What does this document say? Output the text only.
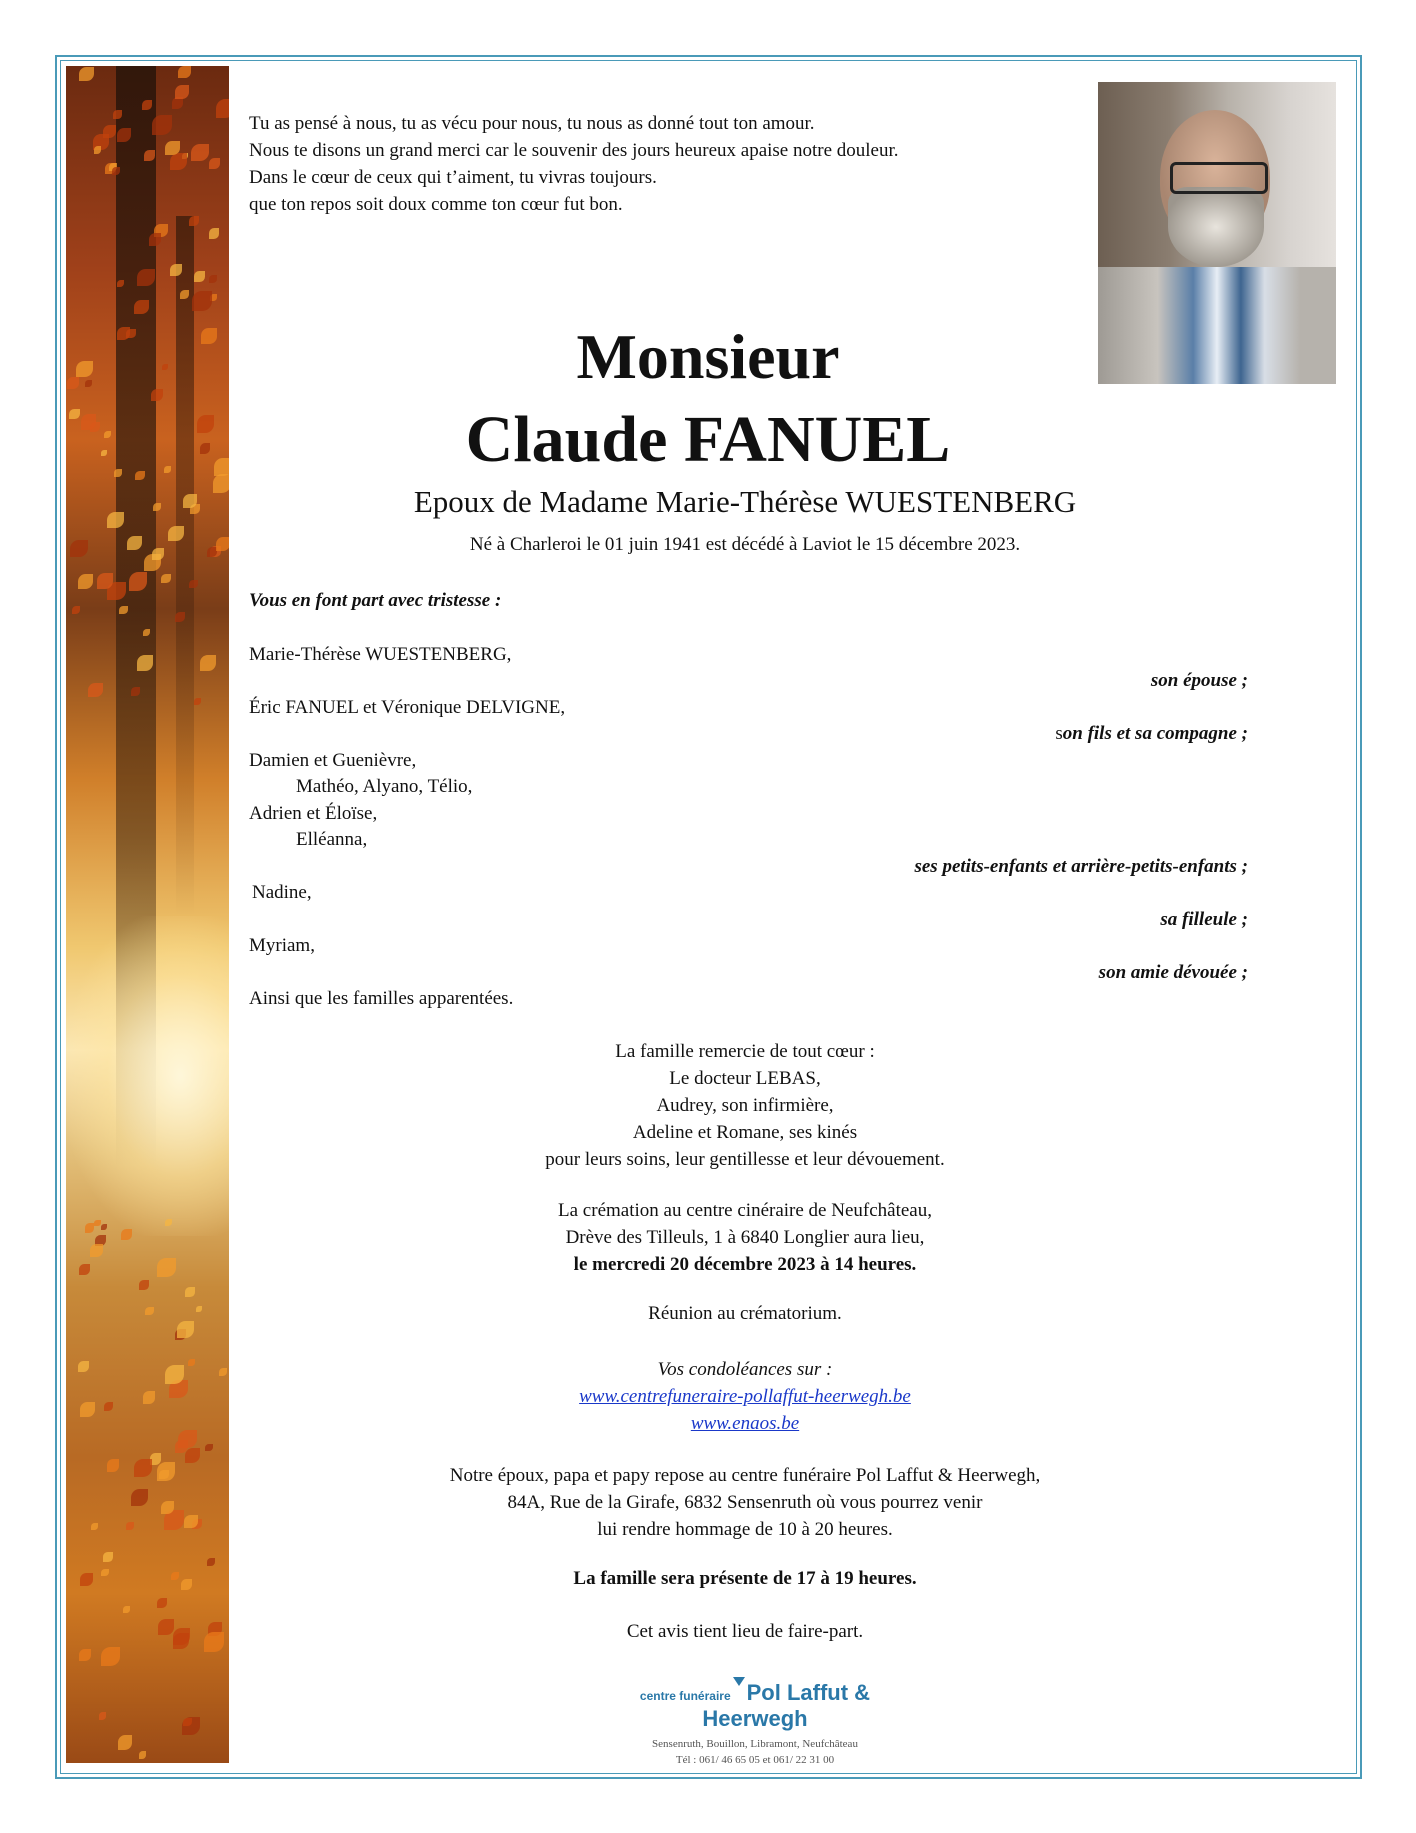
Tu as pensé à nous, tu as vécu pour nous, tu nous as donné tout ton amour.
Nous te disons un grand merci car le souvenir des jours heureux apaise notre douleur.
Dans le cœur de ceux qui t’aiment, tu vivras toujours.
que ton repos soit doux comme ton cœur fut bon.
Monsieur
Claude FANUEL
Epoux de Madame Marie-Thérèse WUESTENBERG
Né à Charleroi le 01 juin 1941 est décédé à Laviot le 15 décembre 2023.
Vous en font part avec tristesse :
Marie-Thérèse WUESTENBERG,
son épouse ;
Éric FANUEL et Véronique DELVIGNE,
son fils et sa compagne ;
Damien et Guenièvre,
Mathéo, Alyano, Télio,
Adrien et Éloïse,
Elléanna,
ses petits-enfants et arrière-petits-enfants ;
Nadine,
sa filleule ;
Myriam,
son amie dévouée ;
Ainsi que les familles apparentées.
La famille remercie de tout cœur :
Le docteur LEBAS,
Audrey, son infirmière,
Adeline et Romane, ses kinés
pour leurs soins, leur gentillesse et leur dévouement.
La crémation au centre cinéraire de Neufchâteau,
Drève des Tilleuls, 1 à 6840 Longlier aura lieu,
le mercredi 20 décembre 2023 à 14 heures.
Réunion au crématorium.
Vos condoléances sur :
www.centrefuneraire-pollaffut-heerwegh.be
www.enaos.be
Notre époux, papa et papy repose au centre funéraire Pol Laffut & Heerwegh,
84A, Rue de la Girafe, 6832 Sensenruth où vous pourrez venir
lui rendre hommage de 10 à 20 heures.
La famille sera présente de 17 à 19 heures.
Cet avis tient lieu de faire-part.
centre funéraire Pol Laffut & Heerwegh
Sensenruth, Bouillon, Libramont, Neufchâteau
Tél : 061/ 46 65 05 et 061/ 22 31 00
